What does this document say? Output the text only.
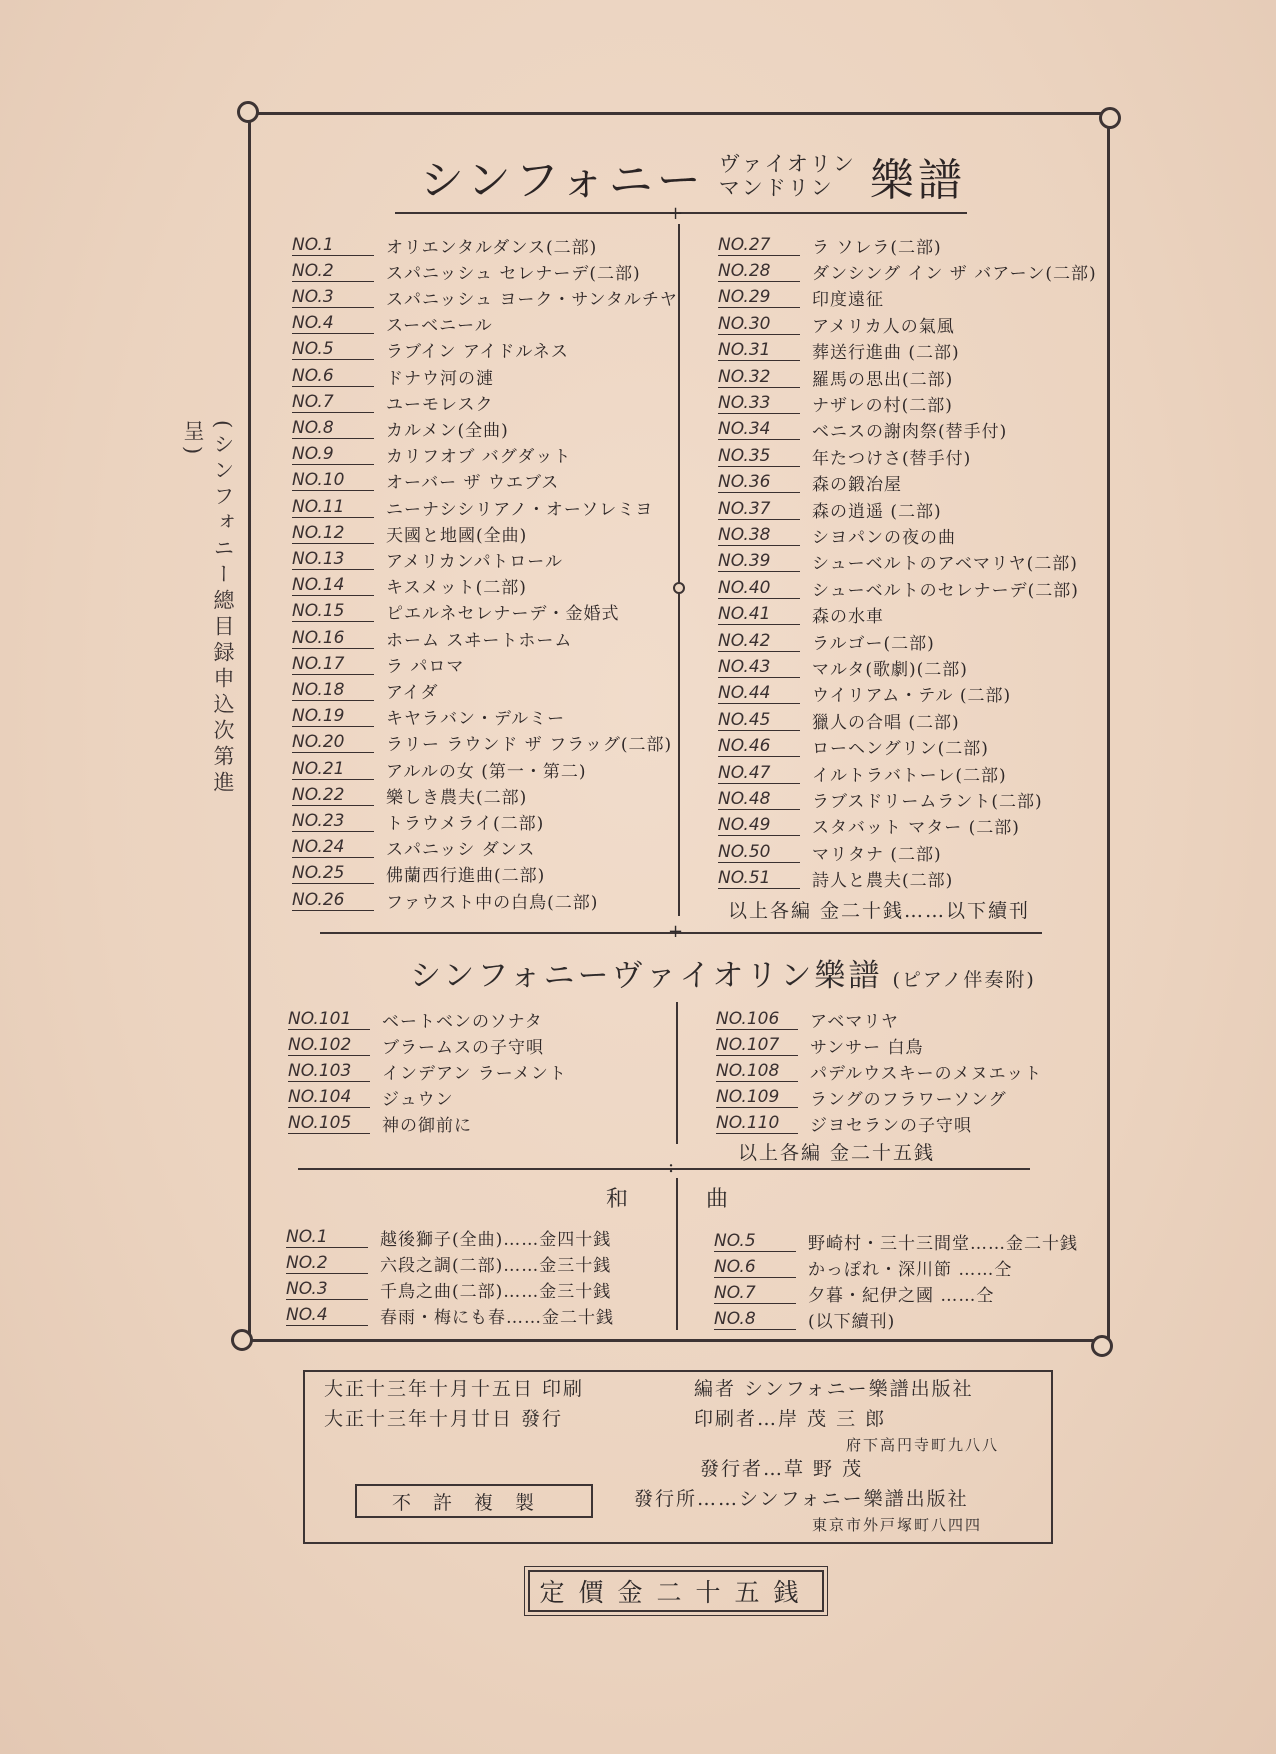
(シンフォニー總目録申込次第進呈)
シンフォニー ヴァイオリン
マンドリン 樂譜
+
NO.1	オリエンタルダンス(二部)
NO.2	スパニッシュ セレナーデ(二部)
NO.3	スパニッシュ ヨーク・サンタルチヤ
NO.4	スーベニール
NO.5	ラブイン アイドルネス
NO.6	ドナウ河の漣
NO.7	ユーモレスク
NO.8	カルメン(全曲)
NO.9	カリフオブ バグダット
NO.10	オーバー ザ ウエブス
NO.11	ニーナシシリアノ・オーソレミヨ
NO.12	天國と地國(全曲)
NO.13	アメリカンパトロール
NO.14	キスメット(二部)
NO.15	ピエルネセレナーデ・金婚式
NO.16	ホーム スヰートホーム
NO.17	ラ パロマ
NO.18	アイダ
NO.19	キヤラバン・デルミー
NO.20	ラリー ラウンド ザ フラッグ(二部)
NO.21	アルルの女 (第一・第二)
NO.22	樂しき農夫(二部)
NO.23	トラウメライ(二部)
NO.24	スパニッシ ダンス
NO.25	佛蘭西行進曲(二部)
NO.26	ファウスト中の白鳥(二部)
NO.27	ラ ソレラ(二部)
NO.28	ダンシング イン ザ バアーン(二部)
NO.29	印度遠征
NO.30	アメリカ人の氣風
NO.31	葬送行進曲 (二部)
NO.32	羅馬の思出(二部)
NO.33	ナザレの村(二部)
NO.34	ベニスの謝肉祭(替手付)
NO.35	年たつけさ(替手付)
NO.36	森の鍛冶屋
NO.37	森の逍遥 (二部)
NO.38	シヨパンの夜の曲
NO.39	シューベルトのアベマリヤ(二部)
NO.40	シューベルトのセレナーデ(二部)
NO.41	森の水車
NO.42	ラルゴー(二部)
NO.43	マルタ(歌劇)(二部)
NO.44	ウイリアム・テル (二部)
NO.45	獵人の合唱 (二部)
NO.46	ローヘングリン(二部)
NO.47	イルトラバトーレ(二部)
NO.48	ラブスドリームラント(二部)
NO.49	スタバット マター (二部)
NO.50	マリタナ (二部)
NO.51	詩人と農夫(二部)
以上各編 金二十銭……以下續刊
+
シンフォニーヴァイオリン樂譜 (ピアノ伴奏附)
NO.101	ベートベンのソナタ
NO.102	ブラームスの子守唄
NO.103	インデアン ラーメント
NO.104	ジュウン
NO.105	神の御前に
NO.106	アベマリヤ
NO.107	サンサー 白鳥
NO.108	パデルウスキーのメヌエット
NO.109	ラングのフラワーソング
NO.110	ジヨセランの子守唄
以上各編 金二十五銭
:
和	曲
NO.1	越後獅子(全曲)……金四十銭
NO.2	六段之調(二部)……金三十銭
NO.3	千鳥之曲(二部)……金三十銭
NO.4	春雨・梅にも春……金二十銭
NO.5	野崎村・三十三間堂……金二十銭
NO.6	かっぽれ・深川節 ……仝
NO.7	夕暮・紀伊之國 ……仝
NO.8	(以下續刊)
大正十三年十月十五日 印刷
大正十三年十月廿日 發行
編者 シンフォニー樂譜出版社
印刷者…岸 茂 三 郎
府下高円寺町九八八
發行者…草 野 茂
發行所……シンフォニー樂譜出版社
東京市外戸塚町八四四
不許複製
定價金二十五銭
